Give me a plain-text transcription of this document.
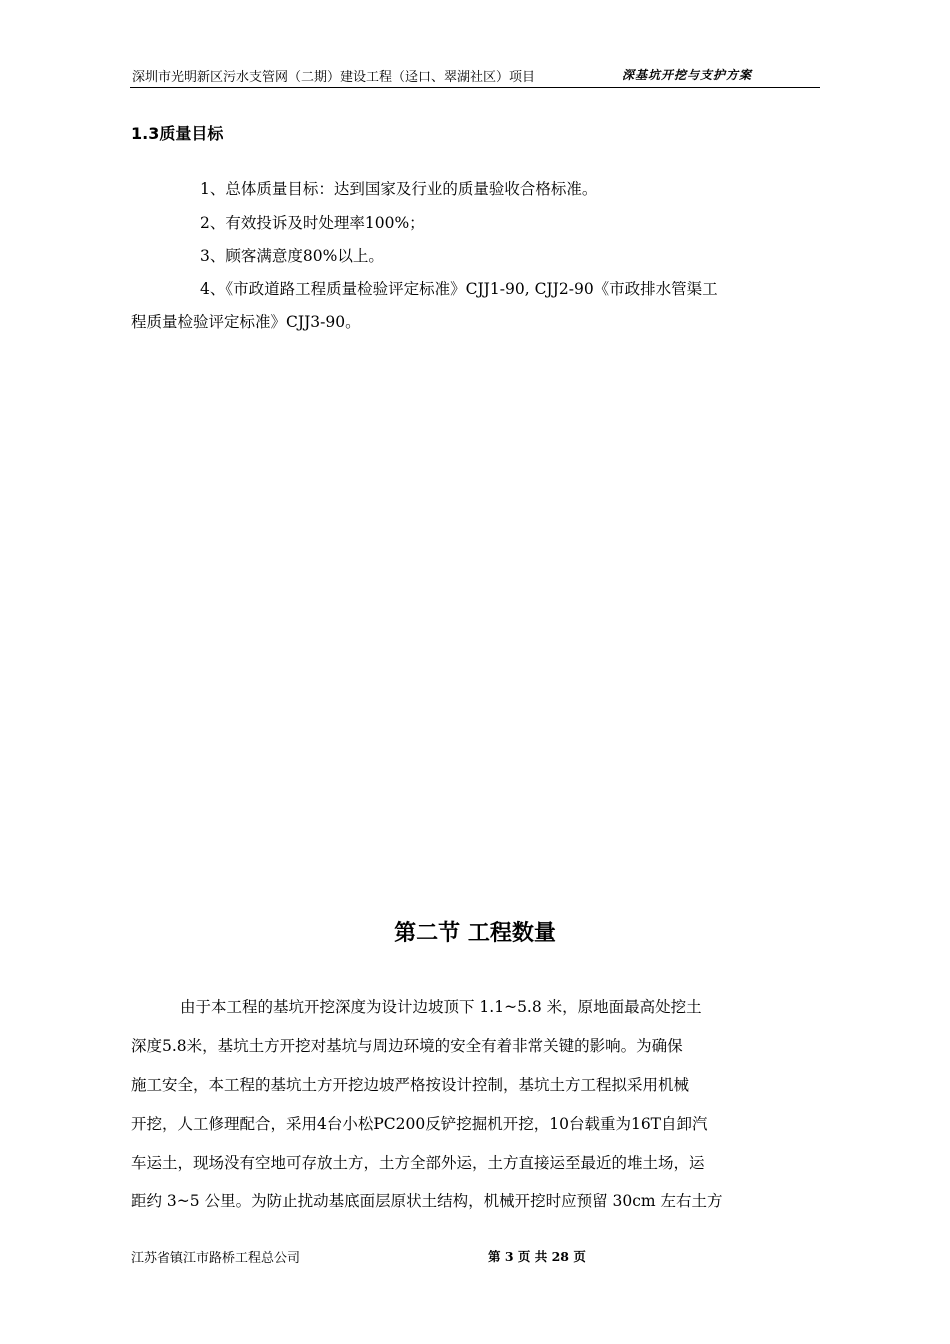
深圳市光明新区污水支管网（二期）建设工程（迳口、翠湖社区）项目	深基坑开挖与支护方案
1.3质量目标
1、总体质量目标：达到国家及行业的质量验收合格标准。
2、有效投诉及时处理率100%；
3、顾客满意度80%以上。
4、《市政道路工程质量检验评定标准》CJJ1-90, CJJ2-90《市政排水管渠工
程质量检验评定标准》CJJ3-90。
第二节 工程数量
由于本工程的基坑开挖深度为设计边坡顶下 1.1~5.8 米，原地面最高处挖土
深度5.8米，基坑土方开挖对基坑与周边环境的安全有着非常关键的影响。为确保
施工安全，本工程的基坑土方开挖边坡严格按设计控制，基坑土方工程拟采用机械
开挖，人工修理配合，采用4台小松PC200反铲挖掘机开挖，10台载重为16T自卸汽
车运土，现场没有空地可存放土方，土方全部外运，土方直接运至最近的堆土场，运
距约 3~5 公里。为防止扰动基底面层原状土结构，机械开挖时应预留 30cm 左右土方
江苏省镇江市路桥工程总公司	第 3 页 共 28 页
